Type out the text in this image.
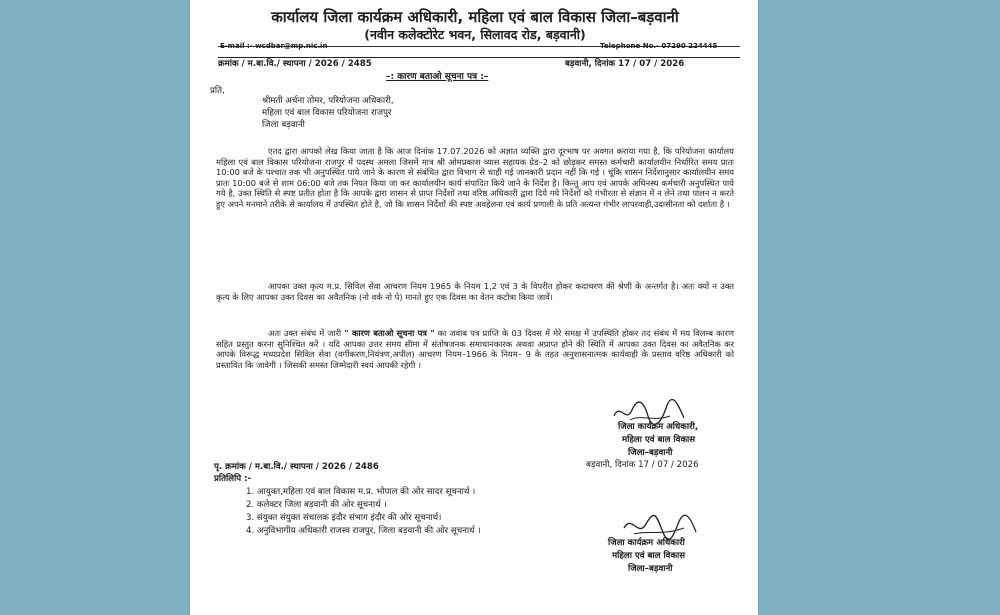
कार्यालय जिला कार्यक्रम अधिकारी, महिला एवं बाल विकास जिला–बड़वानी
(नवीन कलेक्टोरेट भवन, सिलावद रोड, बड़वानी)
E-mail :- wcdbar@mp.nic.in	Telephone No.- 07290 224445
क्रमांक / म.बा.वि./ स्थापना / 2026 / 2485	बड़वानी, दिनांक 17 / 07 / 2026
–: कारण बताओ सूचना पत्र :–
प्रति,
श्रीमती अर्चना तोमर, परियोजना अधिकारी,
महिला एवं बाल विकास परियोजना राजपुर
जिला बड़वानी
एतद द्वारा आपको लेख किया जाता है कि आज दिनांक 17.07.2026 को अज्ञात व्यक्ति द्वारा दूरभाष पर अवगत कराया गया है, कि परियोजना कार्यालय महिला एवं बाल विकास परियोजना राजपुर में पदस्थ अमला जिसमें मात्र श्री ओमप्रकाश व्यास सहायक ग्रेड–2 को छोड़कर समस्त कर्मचारी कार्यालयीन निर्धारित समय प्रातः 10:00 बजे के पश्चात तक भी अनुपस्थित पाये जाने के कारण से संबंधित द्वारा विभाग से चाही गई जानकारी प्रदान नहीं कि गई । चूंकि शासन निर्देशानुसार कार्यालयीन समय प्रातः 10:00 बजे से शाम 06:00 बजे तक नियत किया जा कर कार्यालयीन कार्य संपादित किये जाने के निर्देश है। किन्तु आप एवं आपके अधिनस्थ कर्मचारी अनुपस्थित पाये गये है, उक्त स्थिति से स्पष्ट प्रतीत होता है कि आपके द्वारा शासन से प्राप्त निर्देशों तथा वरिष्ठ अधिकारी द्वारा दिये गये निर्देशों को गंभीरता से संज्ञान में न लेने तथा पालन न करते हुए अपने मनमाने तरीके से कार्यालय में उपस्थित होते है, जो कि शासन निर्देशों की स्पष्ट अवहेलना एवं कार्य प्रणाली के प्रति अत्यन्त गंभीर लापरवाही,उदासीनता को दर्शाता है ।
आपका उक्त कृत्य म.प्र. सिविल सेवा आचरण नियम 1965 के नियम 1,2 एवं 3 के विपरीत होकर कदाचरण की श्रेणी के अन्तर्गत है। अतः क्यों न उक्त कृत्य के लिए आपका उक्त दिवस का अवैतनिक (नो वर्क नो पे) मानते हुए एक दिवस का वेतन कटोत्रा किया जावें।
अतः उक्त संबंध में जारी " कारण बताओ सूचना पत्र " का जवाब पत्र प्राप्ति के 03 दिवस में मेरे समक्ष में उपस्थिति होकर तद संबंध में मय विलम्ब कारण सहित प्रस्तुत करना सुनिश्चित करें । यदि आपका उत्तर समय सीमा में संतोषजनक समाधानकारक अथवा अप्राप्त होने की स्थिति में आपका उक्त दिवस का अवैतनिक कर आपके विरूद्ध मध्यप्रदेश सिविल सेवा (वर्गीकरण,नियंत्रण,अपील) आचरण नियम–1966 के नियम– 9 के तहत अनुशासनात्मक कार्यवाही के प्रस्ताव वरिष्ठ अधिकारी को प्रस्तावित कि जावेगी । जिसकी समस्त जिम्मेदारी स्वयं आपकी रहेगी ।
जिला कार्यक्रम अधिकारी,
महिला एवं बाल विकास
जिला–बड़वानी
पृ. क्रमांक / म.बा.वि./ स्थापना / 2026 / 2486	बड़वानी, दिनांक 17 / 07 / 2026
प्रतिलिपि :-
1. आयुक्त,महिला एवं बाल विकास म.प्र. भोपाल की ओर सादर सूचनार्थ ।
2. कलेक्टर जिला बड़वानी की ओर सूचनार्थ ।
3. संयुक्त संयुक्त संचालक इंदौर संभाग इंदौर की ओर सूचनार्थ।
4. अनुविभागीय अधिकारी राजस्व राजपुर, जिला बड़वानी की ओर सूचनार्थ ।
जिला कार्यक्रम अधिकारी
महिला एवं बाल विकास
जिला–बड़वानी
